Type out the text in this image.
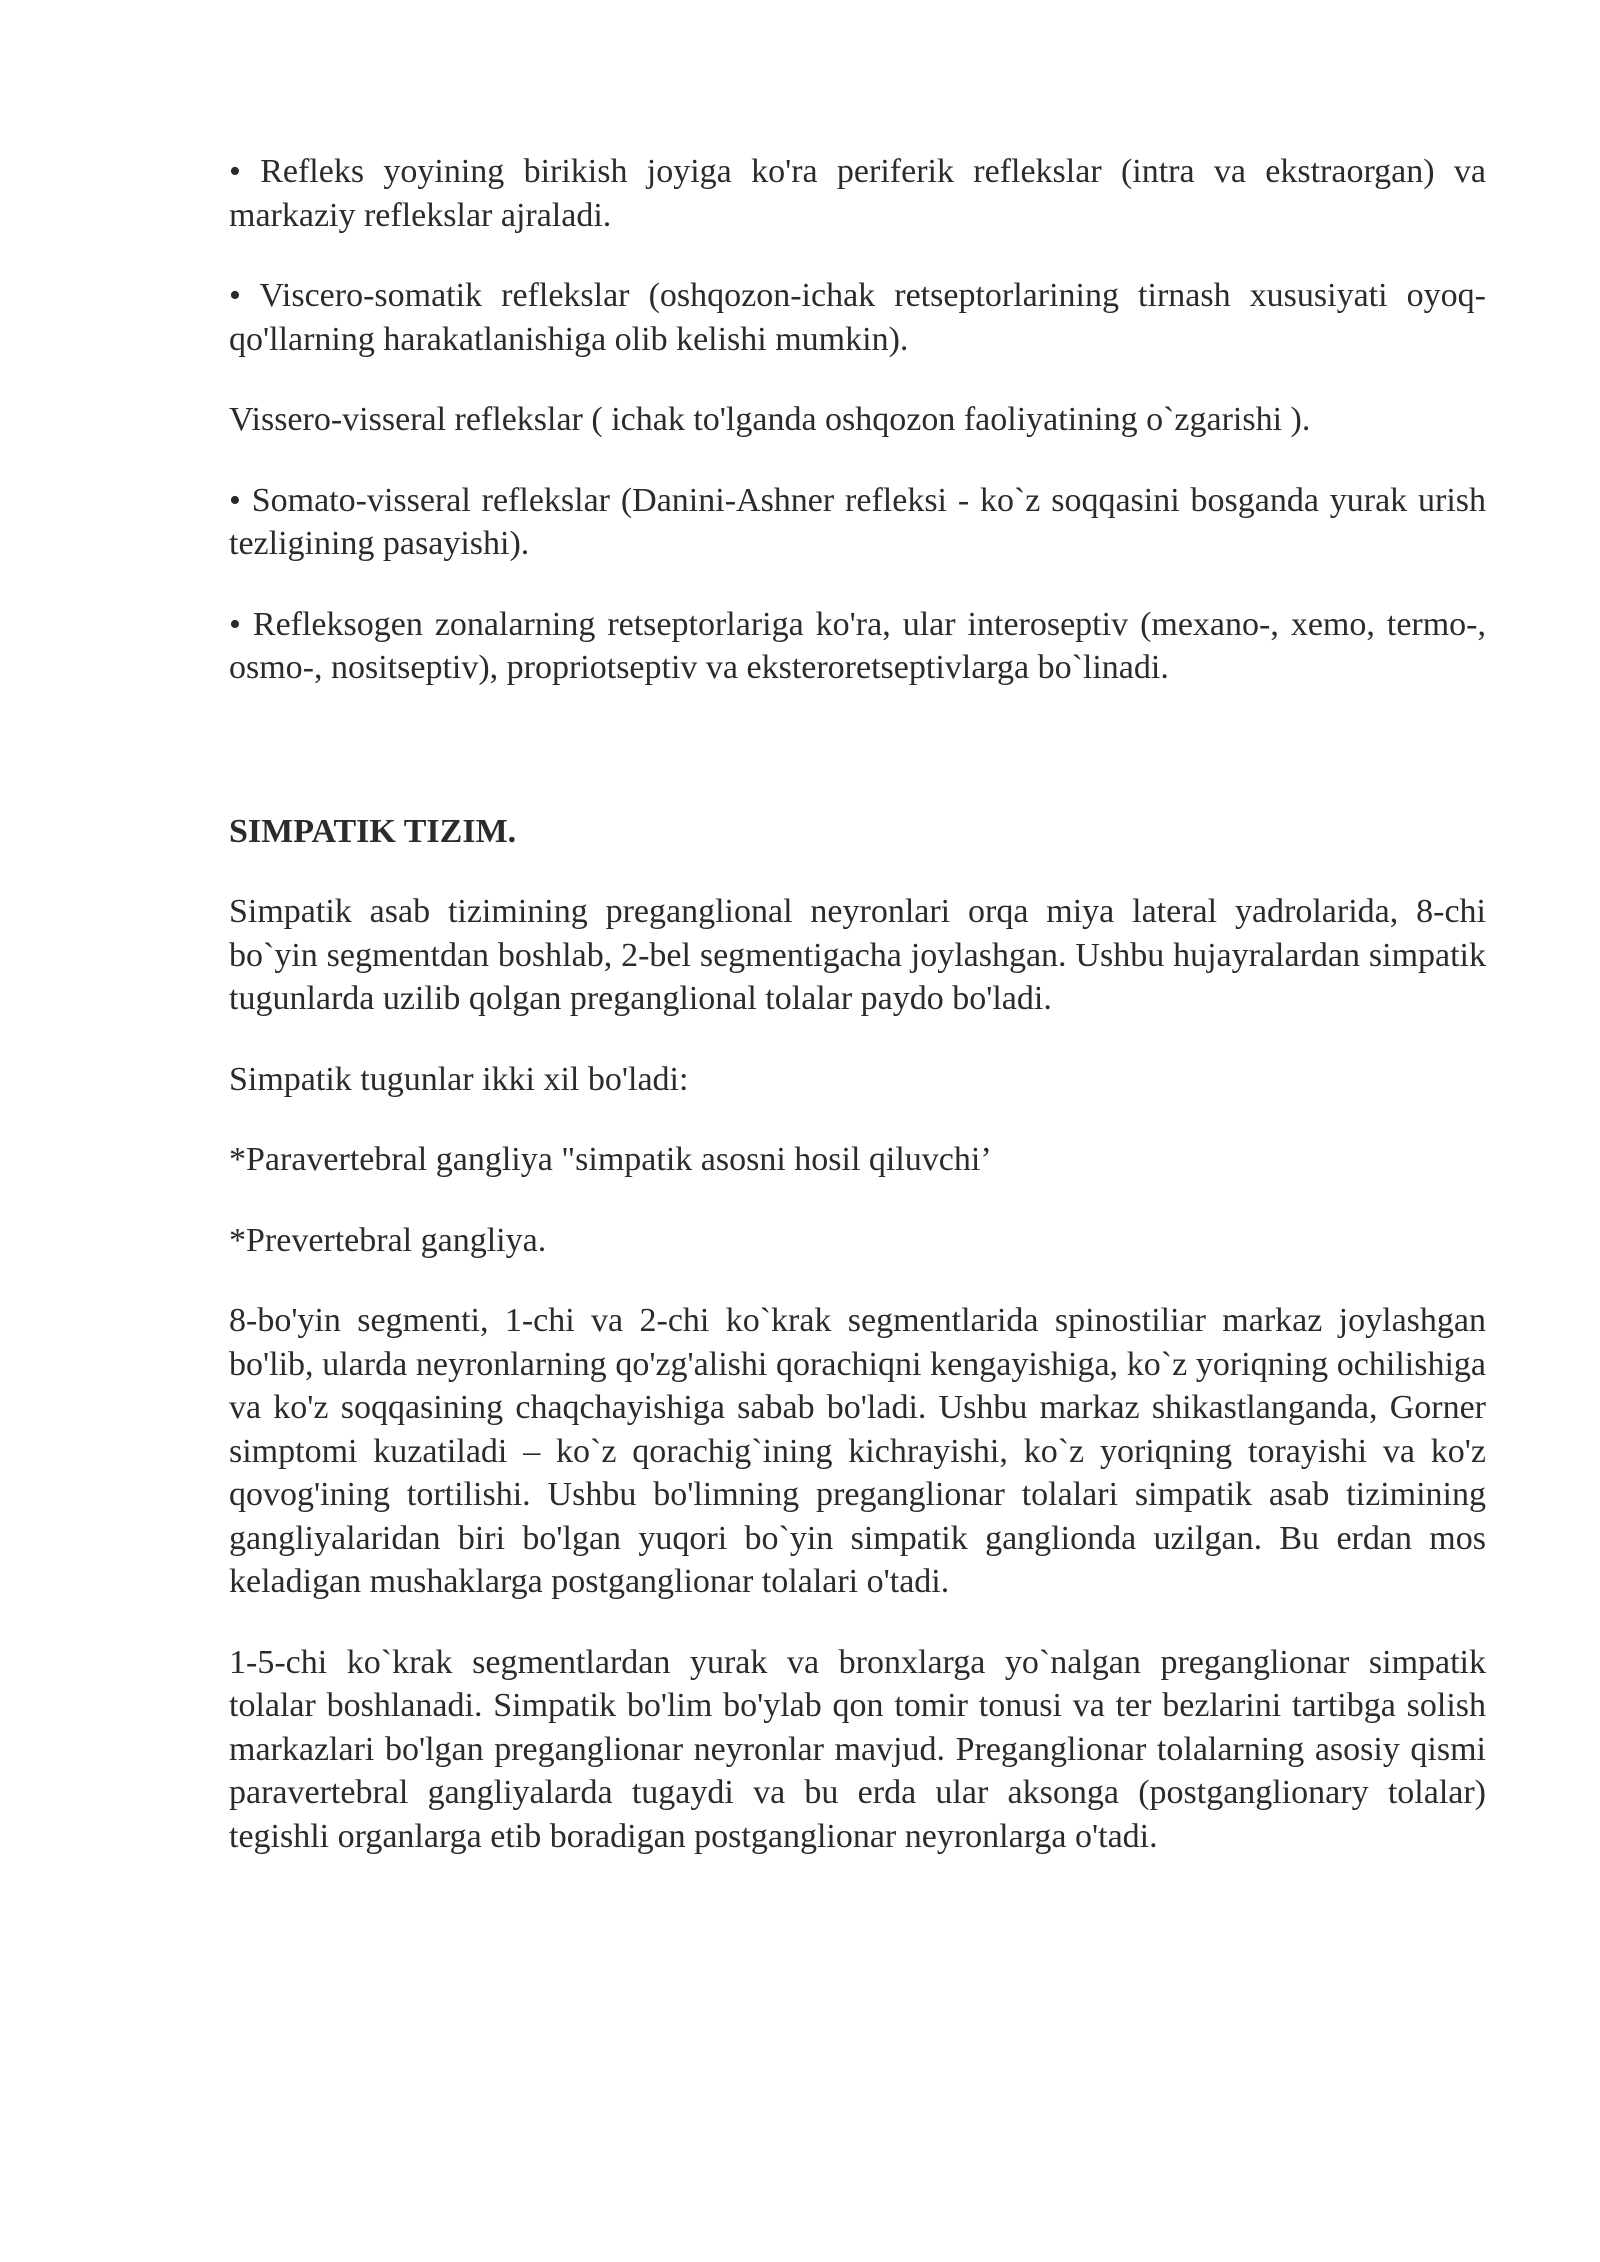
• Refleks yoyining birikish joyiga ko'ra periferik reflekslar (intra va ekstraorgan) va markaziy reflekslar ajraladi.

• Viscero-somatik reflekslar (oshqozon-ichak retseptorlarining tirnash xususiyati oyoq-qo'llarning harakatlanishiga olib kelishi mumkin).

Vissero-visseral reflekslar ( ichak to'lganda oshqozon faoliyatining o`zgarishi ).

• Somato-visseral reflekslar (Danini-Ashner refleksi - ko`z soqqasini bosganda yurak urish tezligining pasayishi).

• Refleksogen zonalarning retseptorlariga ko'ra, ular interoseptiv (mexano-, xemo, termo-, osmo-, nositseptiv), propriotseptiv va eksteroretseptivlarga bo`linadi.

SIMPATIK TIZIM.

Simpatik asab tizimining preganglional neyronlari orqa miya lateral yadrolarida, 8-chi bo`yin segmentdan boshlab, 2-bel segmentigacha joylashgan. Ushbu hujayralardan simpatik tugunlarda uzilib qolgan preganglional tolalar paydo bo'ladi.

Simpatik tugunlar ikki xil bo'ladi:

*Paravertebral gangliya "simpatik asosni hosil qiluvchi’

*Prevertebral gangliya.

8-bo'yin segmenti, 1-chi va 2-chi ko`krak segmentlarida spinostiliar markaz joylashgan bo'lib, ularda neyronlarning qo'zg'alishi qorachiqni kengayishiga, ko`z yoriqning ochilishiga va ko'z soqqasining chaqchayishiga sabab bo'ladi. Ushbu markaz shikastlanganda, Gorner simptomi kuzatiladi – ko`z qorachig`ining kichrayishi, ko`z yoriqning torayishi va ko'z qovog'ining tortilishi. Ushbu bo'limning preganglionar tolalari simpatik asab tizimining gangliyalaridan biri bo'lgan yuqori bo`yin simpatik ganglionda uzilgan. Bu erdan mos keladigan mushaklarga postganglionar tolalari o'tadi.

1-5-chi ko`krak segmentlardan yurak va bronxlarga yo`nalgan preganglionar simpatik tolalar boshlanadi. Simpatik bo'lim bo'ylab qon tomir tonusi va ter bezlarini tartibga solish markazlari bo'lgan preganglionar neyronlar mavjud. Preganglionar tolalarning asosiy qismi paravertebral gangliyalarda tugaydi va bu erda ular aksonga (postganglionary tolalar) tegishli organlarga etib boradigan postganglionar neyronlarga o'tadi.
